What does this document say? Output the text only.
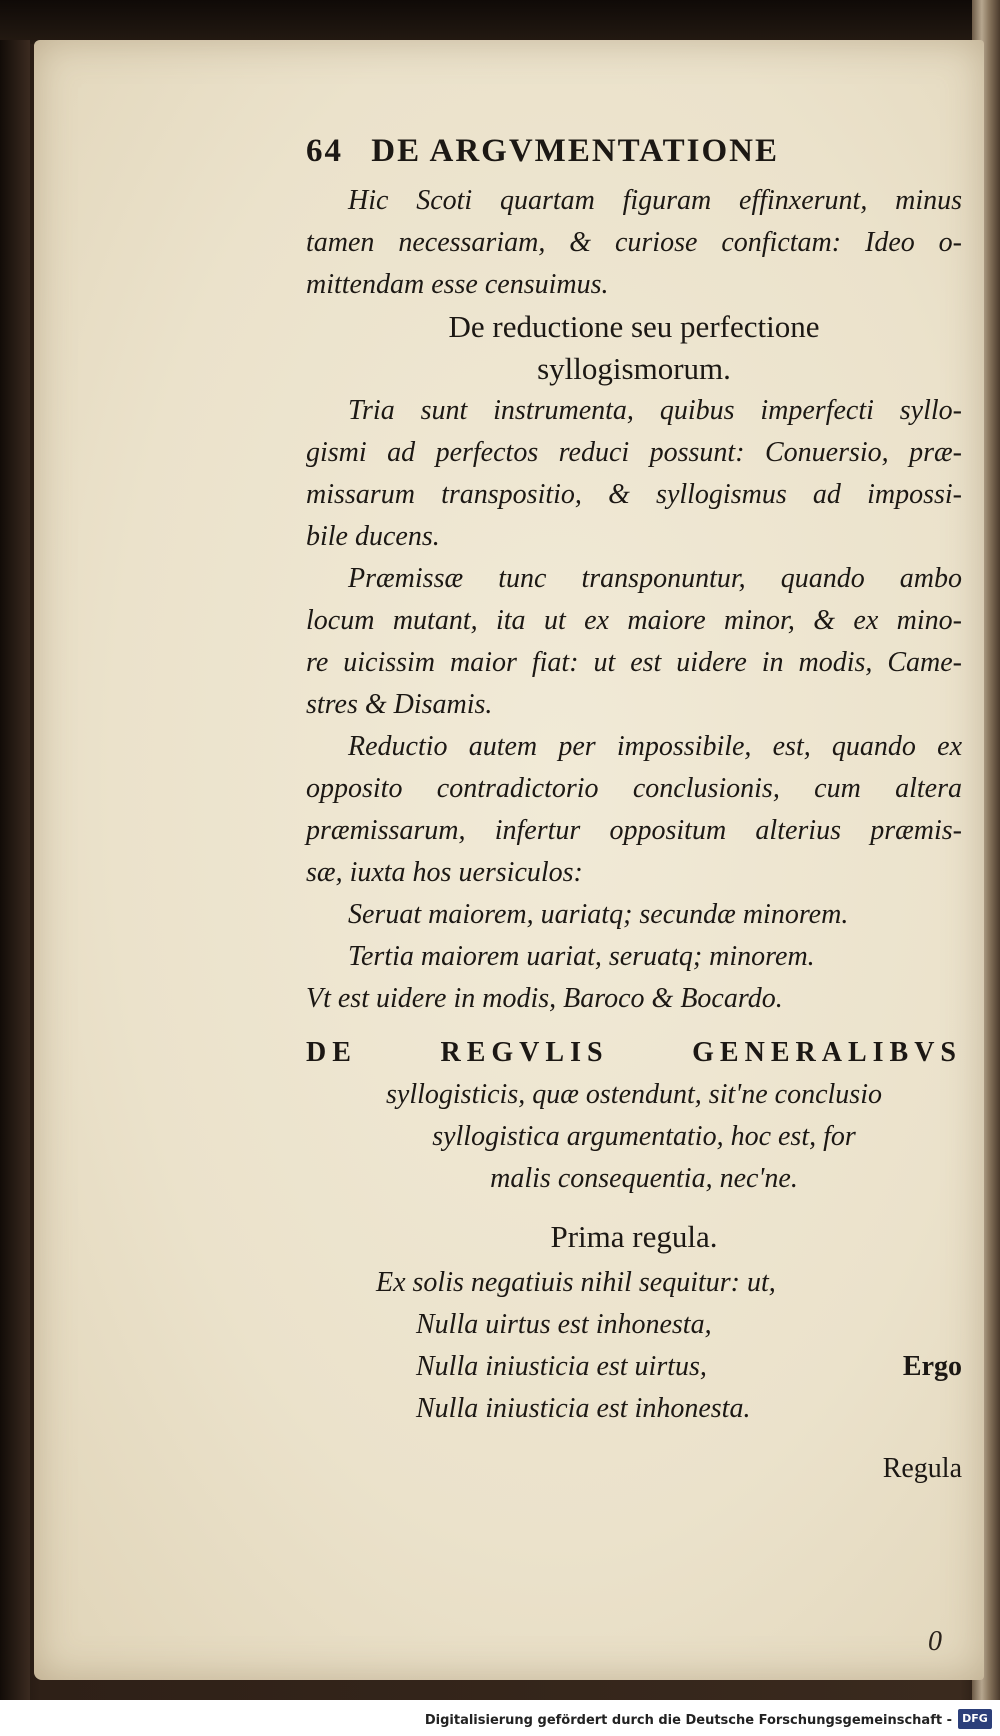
64 DE ARGVMENTATIONE
Hic Scoti quartam figuram effinxerunt, minus
tamen necessariam, & curiose confictam: Ideo o-
mittendam esse censuimus.
De reductione seu perfectione
syllogismorum.
Tria sunt instrumenta, quibus imperfecti syllo-
gismi ad perfectos reduci possunt: Conuersio, præ-
missarum transpositio, & syllogismus ad impossi-
bile ducens.
Præmissæ tunc transponuntur, quando ambo
locum mutant, ita ut ex maiore minor, & ex mino-
re uicissim maior fiat: ut est uidere in modis, Came-
stres & Disamis.
Reductio autem per impossibile, est, quando ex
opposito contradictorio conclusionis, cum altera
præmissarum, infertur oppositum alterius præmis-
sæ, iuxta hos uersiculos:
Seruat maiorem, uariatq; secundæ minorem.
Tertia maiorem uariat, seruatq; minorem.
Vt est uidere in modis, Baroco & Bocardo.
DE REGVLIS GENERALIBVS
syllogisticis, quæ ostendunt, sit'ne conclusio
syllogistica argumentatio, hoc est, for
malis consequentia, nec'ne.
Prima regula.
Ex solis negatiuis nihil sequitur: ut,
Nulla uirtus est inhonesta,
Nulla iniusticia est uirtus,	Ergo
Nulla iniusticia est inhonesta.
Regula
0
Digitalisierung gefördert durch die Deutsche Forschungsgemeinschaft - DFG
